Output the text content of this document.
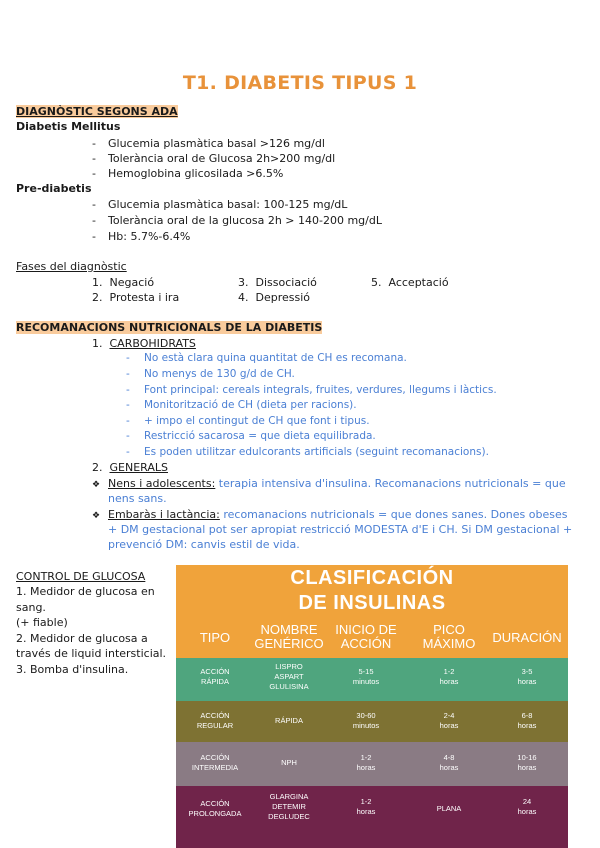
T1. DIABETIS TIPUS 1
DIAGNÒSTIC SEGONS ADA
Diabetis Mellitus
- Glucemia plasmàtica basal >126 mg/dl
- Tolerància oral de Glucosa 2h>200 mg/dl
- Hemoglobina glicosilada >6.5%
Pre-diabetis
- Glucemia plasmàtica basal: 100-125 mg/dL
- Tolerància oral de la glucosa 2h > 140-200 mg/dL
- Hb: 5.7%-6.4%
Fases del diagnòstic
1. Negació
2. Protesta i ira
3. Dissociació
4. Depressió
5. Acceptació
RECOMANACIONS NUTRICIONALS DE LA DIABETIS
1. CARBOHIDRATS
- No està clara quina quantitat de CH es recomana.
- No menys de 130 g/d de CH.
- Font principal: cereals integrals, fruites, verdures, llegums i làctics.
- Monitorització de CH (dieta per racions).
- + impo el contingut de CH que font i tipus.
- Restricció sacarosa = que dieta equilibrada.
- Es poden utilitzar edulcorants artificials (seguint recomanacions).
2. GENERALS
❖ Nens i adolescents: terapia intensiva d'insulina. Recomanacions nutricionals = que nens sans.
❖ Embaràs i lactància: recomanacions nutricionals = que dones sanes. Dones obeses + DM gestacional pot ser apropiat restricció MODESTA d'E i CH. Si DM gestacional + prevenció DM: canvis estil de vida.
CONTROL DE GLUCOSA
1. Medidor de glucosa en sang.
(+ fiable)
2. Medidor de glucosa a través de liquid intersticial.
3. Bomba d'insulina.
CLASIFICACIÓN
DE INSULINAS
TIPO
NOMBRE
GENÉRICO
INICIO DE
ACCIÓN
PICO
MÁXIMO	DURACIÓN
ACCIÓN
RÁPIDA
LISPRO
ASPART
GLULISINA
5-15
minutos
1-2
horas
3-5
horas
ACCIÓN
REGULAR
RÁPIDA
30-60
minutos
2-4
horas
6-8
horas
ACCIÓN
INTERMEDIA
NPH
1-2
horas
4-8
horas
10-16
horas
ACCIÓN
PROLONGADA
GLARGINA
DETEMIR
DEGLUDEC
1-2
horas	PLANA
24
horas
